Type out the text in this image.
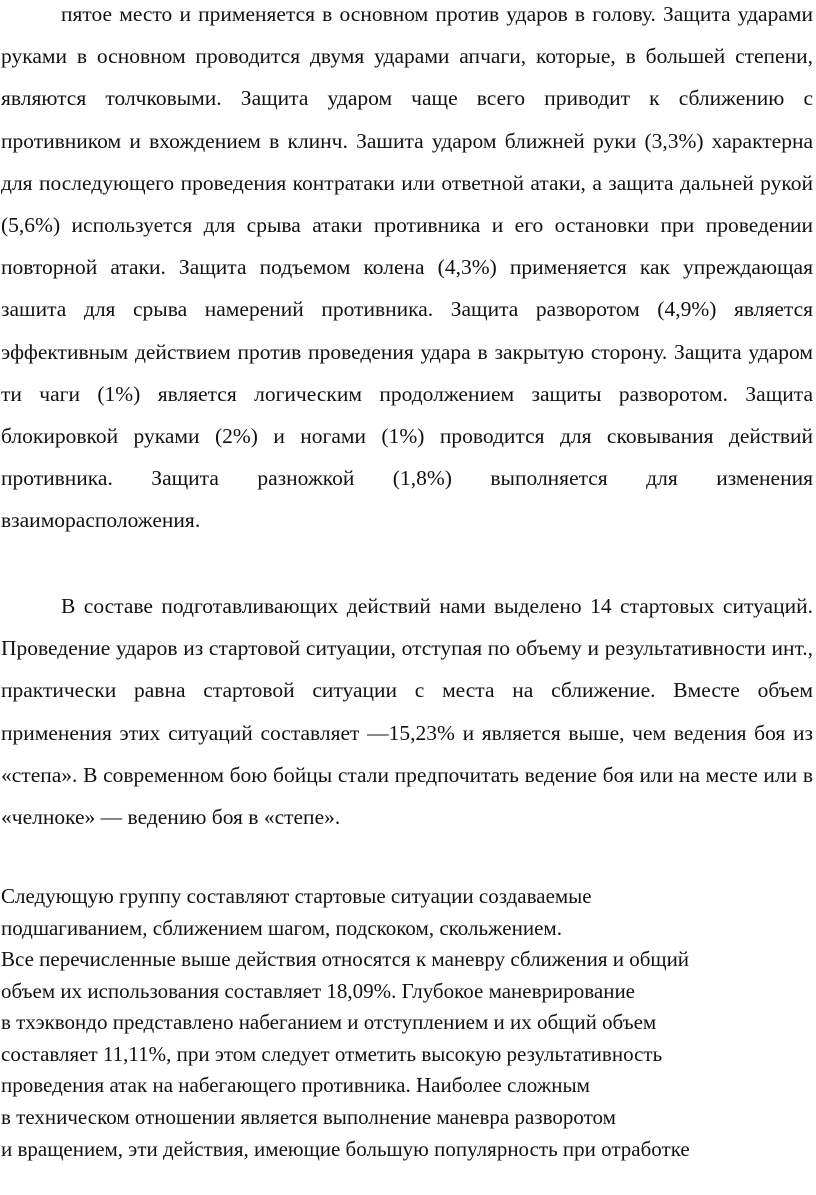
пятое место и применяется в основном против ударов в голову. Защита ударами руками в основном проводится двумя ударами апчаги, которые, в большей степени, являются толчковыми. Защита ударом чаще всего приводит к сближению с противником и вхождением в клинч. Зашита ударом ближней руки (3,3%) характерна для последующего проведения контратаки или ответной атаки, а защита дальней рукой (5,6%) используется для срыва атаки противника и его остановки при проведении повторной атаки. Защита подъемом колена (4,3%) применяется как упреждающая зашита для срыва намерений противника. Защита разворотом (4,9%) является эффективным действием против проведения удара в закрытую сторону. Защита ударом ти чаги (1%) является логическим продолжением защиты разворотом. Защита блокировкой руками (2%) и ногами (1%) проводится для сковывания действий противника. Защита разножкой (1,8%) выполняется для изменения взаиморасположения.

В составе подготавливающих действий нами выделено 14 стартовых ситуаций. Проведение ударов из стартовой ситуации, отступая по объему и результативности инт., практически равна стартовой ситуации с места на сближение. Вместе объем применения этих ситуаций составляет —15,23% и является выше, чем ведения боя из «степа». В современном бою бойцы стали предпочитать ведение боя или на месте или в «челноке» — ведению боя в «степе».

Следующую группу составляют стартовые ситуации создаваемые
подшагиванием, сближением шагом, подскоком, скольжением.
Все перечисленные выше действия относятся к маневру сближения и общий
объем их использования составляет 18,09%. Глубокое маневрирование
в тхэквондо представлено набеганием и отступлением и их общий объем
составляет 11,11%, при этом следует отметить высокую результативность
проведения атак на набегающего противника. Наиболее сложным
в техническом отношении является выполнение маневра разворотом
и вращением, эти действия, имеющие большую популярность при отработке
